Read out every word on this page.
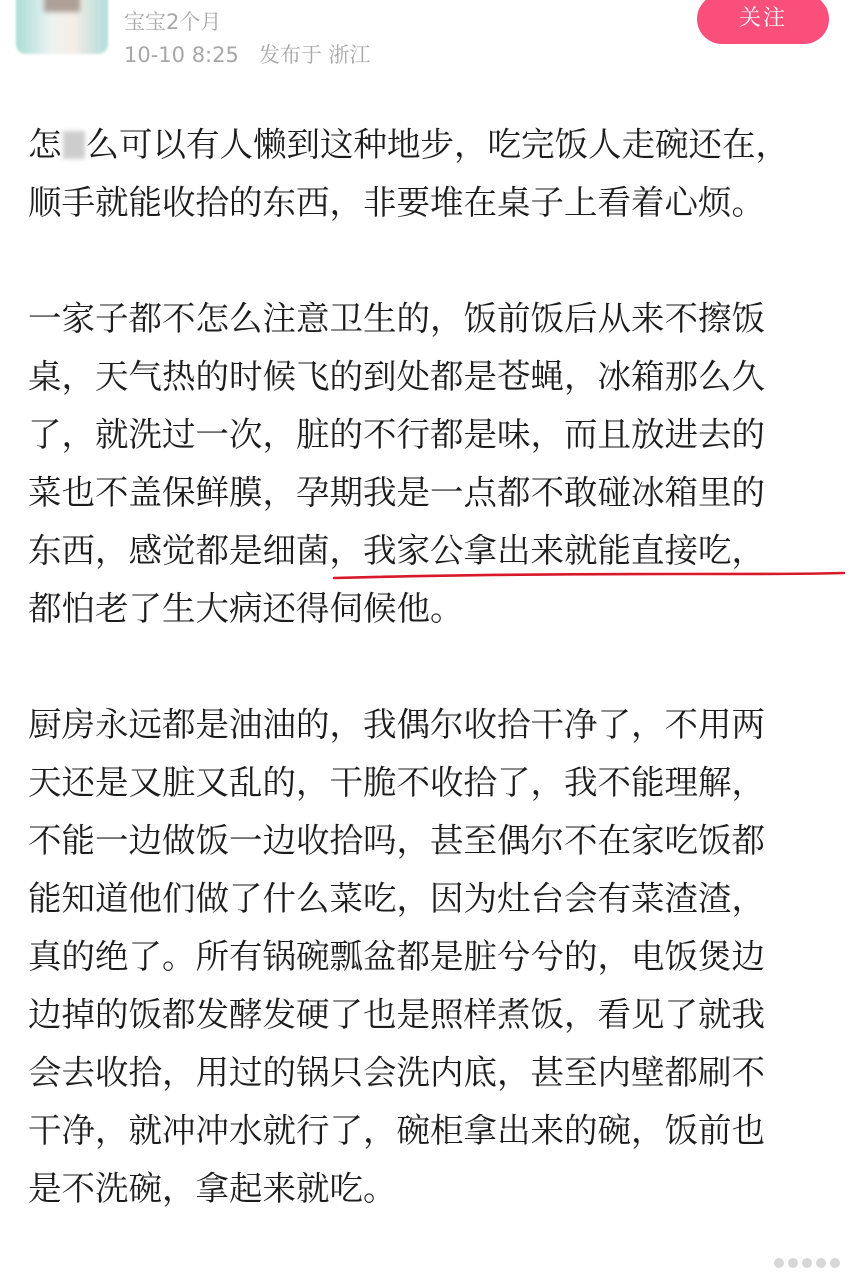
宝宝2个月
10-10 8:25 发布于 浙江
关注
怎 么可以有人懒到这种地步，吃完饭人走碗还在，
顺手就能收拾的东西，非要堆在桌子上看着心烦。
一家子都不怎么注意卫生的，饭前饭后从来不擦饭
桌，天气热的时候飞的到处都是苍蝇，冰箱那么久
了，就洗过一次，脏的不行都是味，而且放进去的
菜也不盖保鲜膜，孕期我是一点都不敢碰冰箱里的
东西，感觉都是细菌，我家公拿出来就能直接吃，
都怕老了生大病还得伺候他。
厨房永远都是油油的，我偶尔收拾干净了，不用两
天还是又脏又乱的，干脆不收拾了，我不能理解，
不能一边做饭一边收拾吗，甚至偶尔不在家吃饭都
能知道他们做了什么菜吃，因为灶台会有菜渣渣，
真的绝了。所有锅碗瓢盆都是脏兮兮的，电饭煲边
边掉的饭都发酵发硬了也是照样煮饭，看见了就我
会去收拾，用过的锅只会洗内底，甚至内壁都刷不
干净，就冲冲水就行了，碗柜拿出来的碗，饭前也
是不洗碗，拿起来就吃。
